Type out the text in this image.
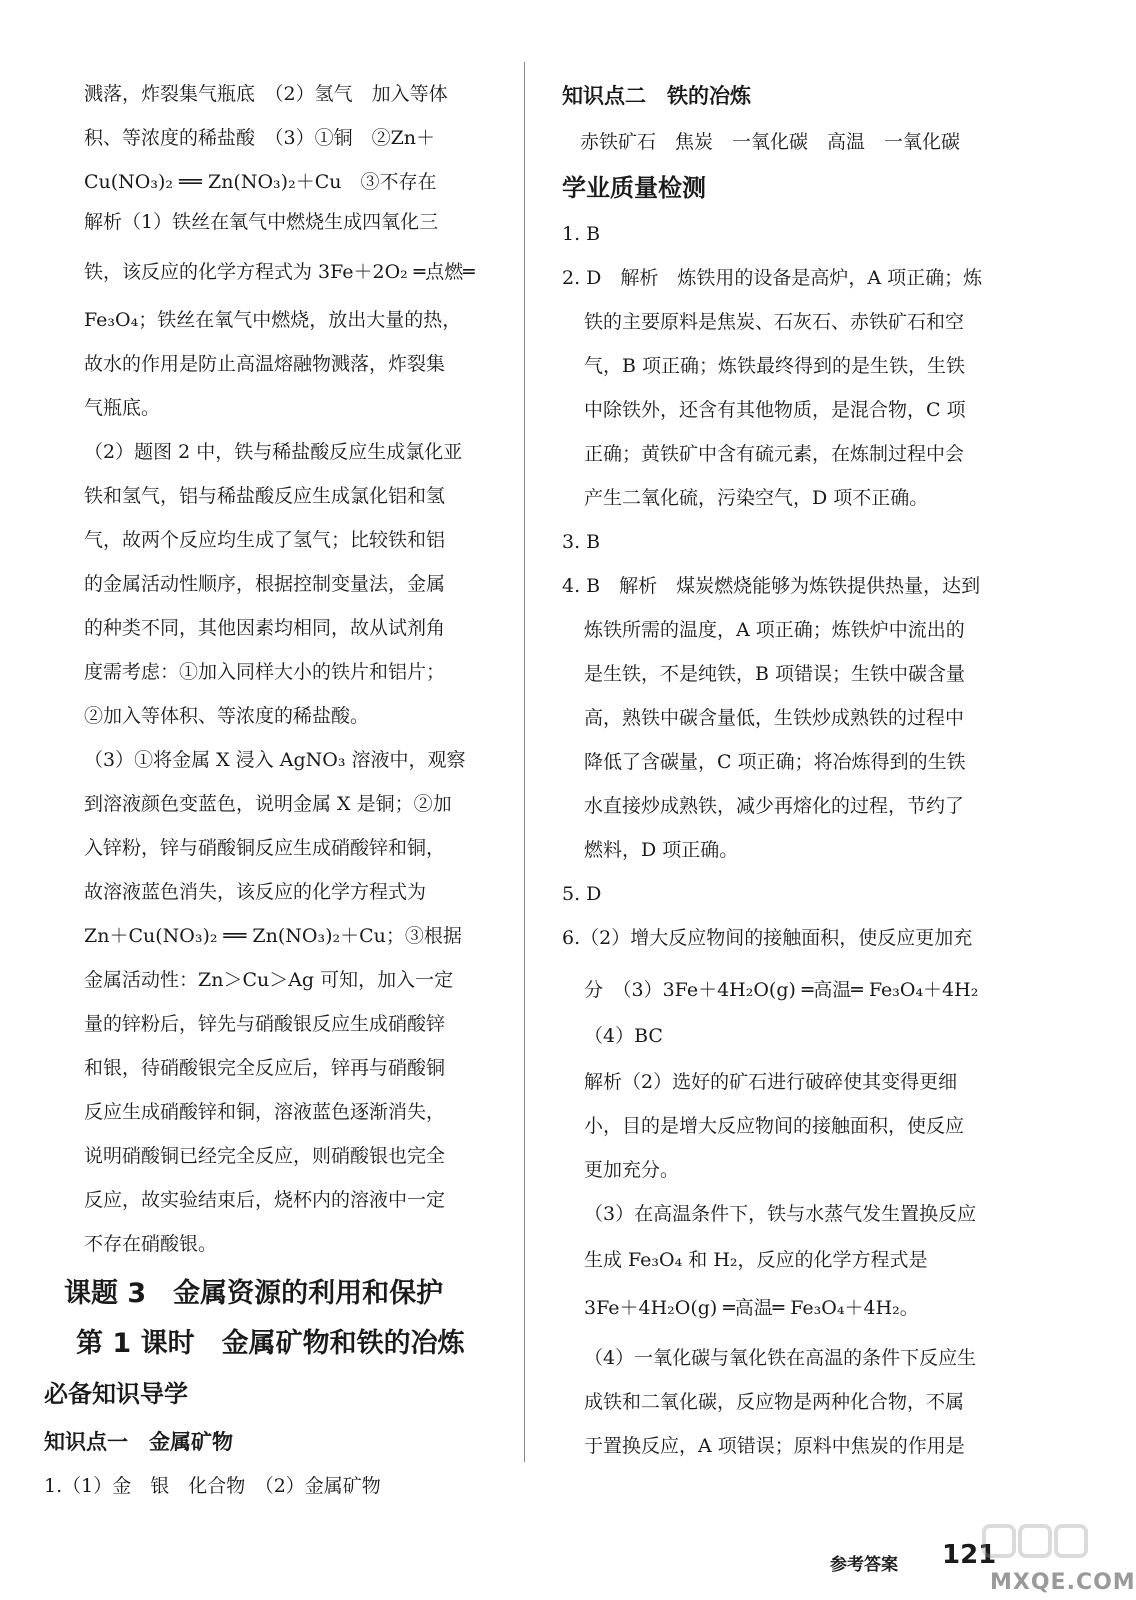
溅落，炸裂集气瓶底　（2）氢气　加入等体
积、等浓度的稀盐酸　（3）①铜　②Zn＋
Cu(NO₃)₂ ══ Zn(NO₃)₂＋Cu　③不存在
解析（1）铁丝在氧气中燃烧生成四氧化三
铁，该反应的化学方程式为 3Fe＋2O₂ ═点燃═
Fe₃O₄；铁丝在氧气中燃烧，放出大量的热，
故水的作用是防止高温熔融物溅落，炸裂集
气瓶底。
（2）题图 2 中，铁与稀盐酸反应生成氯化亚
铁和氢气，铝与稀盐酸反应生成氯化铝和氢
气，故两个反应均生成了氢气；比较铁和铝
的金属活动性顺序，根据控制变量法，金属
的种类不同，其他因素均相同，故从试剂角
度需考虑：①加入同样大小的铁片和铝片；
②加入等体积、等浓度的稀盐酸。
（3）①将金属 X 浸入 AgNO₃ 溶液中，观察
到溶液颜色变蓝色，说明金属 X 是铜；②加
入锌粉，锌与硝酸铜反应生成硝酸锌和铜，
故溶液蓝色消失，该反应的化学方程式为
Zn＋Cu(NO₃)₂ ══ Zn(NO₃)₂＋Cu；③根据
金属活动性：Zn＞Cu＞Ag 可知，加入一定
量的锌粉后，锌先与硝酸银反应生成硝酸锌
和银，待硝酸银完全反应后，锌再与硝酸铜
反应生成硝酸锌和铜，溶液蓝色逐渐消失，
说明硝酸铜已经完全反应，则硝酸银也完全
反应，故实验结束后，烧杯内的溶液中一定
不存在硝酸银。
课题 3　金属资源的利用和保护
第 1 课时　金属矿物和铁的冶炼
必备知识导学
知识点一　金属矿物
1.（1）金　银　化合物　（2）金属矿物
知识点二　铁的冶炼
赤铁矿石　焦炭　一氧化碳　高温　一氧化碳
学业质量检测
1. B
2. D　解析　炼铁用的设备是高炉，A 项正确；炼
铁的主要原料是焦炭、石灰石、赤铁矿石和空
气，B 项正确；炼铁最终得到的是生铁，生铁
中除铁外，还含有其他物质，是混合物，C 项
正确；黄铁矿中含有硫元素，在炼制过程中会
产生二氧化硫，污染空气，D 项不正确。
3. B
4. B　解析　煤炭燃烧能够为炼铁提供热量，达到
炼铁所需的温度，A 项正确；炼铁炉中流出的
是生铁，不是纯铁，B 项错误；生铁中碳含量
高，熟铁中碳含量低，生铁炒成熟铁的过程中
降低了含碳量，C 项正确；将冶炼得到的生铁
水直接炒成熟铁，减少再熔化的过程，节约了
燃料，D 项正确。
5. D
6.（2）增大反应物间的接触面积，使反应更加充
分　（3）3Fe＋4H₂O(g) ═高温═ Fe₃O₄＋4H₂
（4）BC
解析（2）选好的矿石进行破碎使其变得更细
小，目的是增大反应物间的接触面积，使反应
更加充分。
（3）在高温条件下，铁与水蒸气发生置换反应
生成 Fe₃O₄ 和 H₂，反应的化学方程式是
3Fe＋4H₂O(g) ═高温═ Fe₃O₄＋4H₂。
（4）一氧化碳与氧化铁在高温的条件下反应生
成铁和二氧化碳，反应物是两种化合物，不属
于置换反应，A 项错误；原料中焦炭的作用是
参考答案 121
MXQE.COM
